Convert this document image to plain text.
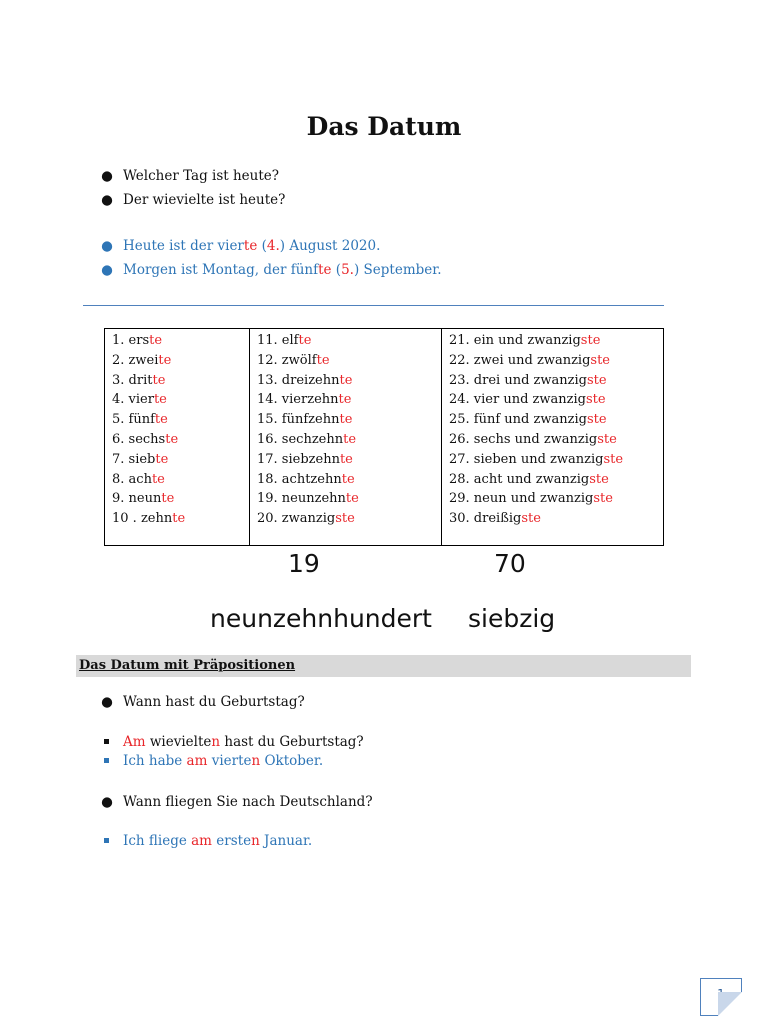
Das Datum
● Welcher Tag ist heute?
● Der wievielte ist heute?
● Heute ist der vierte (4.) August 2020.
● Morgen ist Montag, der fünfte (5.) September.
1. erste
2. zweite
3. dritte
4. vierte
5. fünfte
6. sechste
7. siebte
8. achte
9. neunte
10 . zehnte

11. elfte
12. zwölfte
13. dreizehnte
14. vierzehnte
15. fünfzehnte
16. sechzehnte
17. siebzehnte
18. achtzehnte
19. neunzehnte
20. zwanzigste

21. ein und zwanzigste
22. zwei und zwanzigste
23. drei und zwanzigste
24. vier und zwanzigste
25. fünf und zwanzigste
26. sechs und zwanzigste
27. sieben und zwanzigste
28. acht und zwanzigste
29. neun und zwanzigste
30. dreißigste
19	70
neunzehnhundert siebzig
Das Datum mit Präpositionen
● Wann hast du Geburtstag?
Am wievielten hast du Geburtstag?
Ich habe am vierten Oktober.
● Wann fliegen Sie nach Deutschland?
Ich fliege am ersten Januar.
1
